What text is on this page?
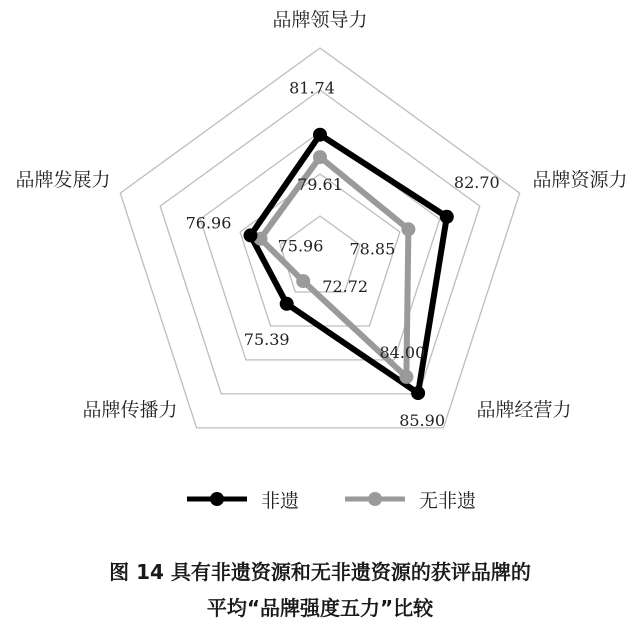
品牌领导力
品牌资源力
品牌经营力
品牌传播力
品牌发展力
81.74
82.70
85.90
75.39
76.96
79.61
78.85
84.00
72.72
75.96
非遗	无非遗
图 14 具有非遗资源和无非遗资源的获评品牌的
平均“品牌强度五力”比较
